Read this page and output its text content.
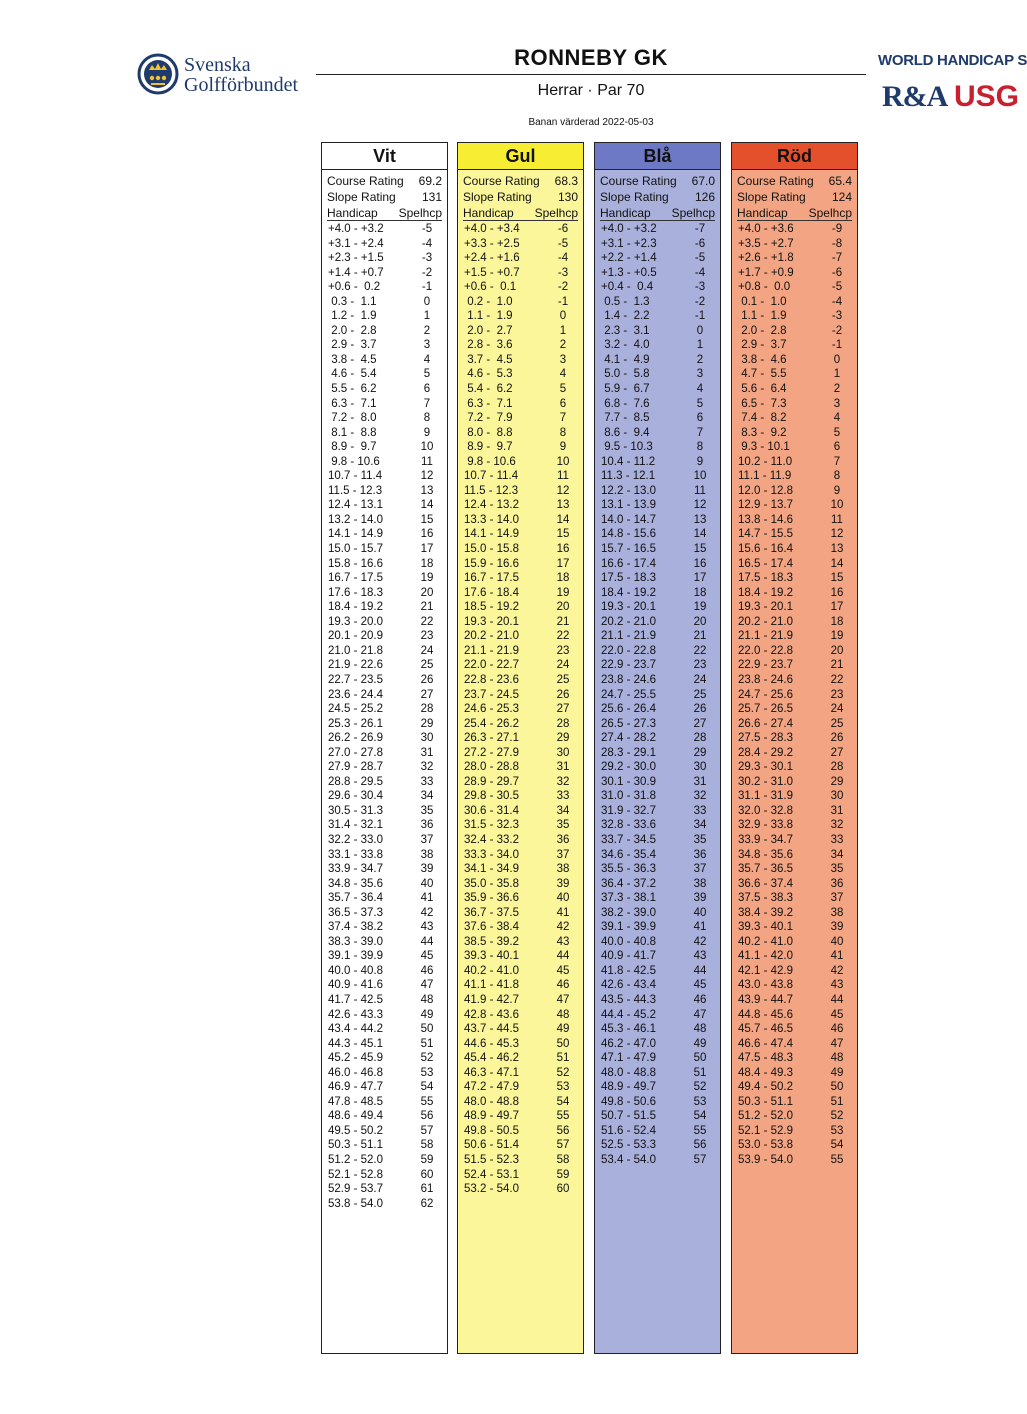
Svenska
Golfförbundet
WORLD HANDICAP S
R&A USG
RONNEBY GK
Herrar · Par 70
Banan värderad 2022-05-03
Vit
Course Rating 69.2
Slope Rating 131
Handicap Spelhcp
+4.0 - +3.2	-5
+3.1 - +2.4	-4
+2.3 - +1.5	-3
+1.4 - +0.7	-2
+0.6 -  0.2	-1
0.3 -  1.1	0
1.2 -  1.9	1
2.0 -  2.8	2
2.9 -  3.7	3
3.8 -  4.5	4
4.6 -  5.4	5
5.5 -  6.2	6
6.3 -  7.1	7
7.2 -  8.0	8
8.1 -  8.8	9
8.9 -  9.7	10
9.8 - 10.6	11
10.7 - 11.4	12
11.5 - 12.3	13
12.4 - 13.1	14
13.2 - 14.0	15
14.1 - 14.9	16
15.0 - 15.7	17
15.8 - 16.6	18
16.7 - 17.5	19
17.6 - 18.3	20
18.4 - 19.2	21
19.3 - 20.0	22
20.1 - 20.9	23
21.0 - 21.8	24
21.9 - 22.6	25
22.7 - 23.5	26
23.6 - 24.4	27
24.5 - 25.2	28
25.3 - 26.1	29
26.2 - 26.9	30
27.0 - 27.8	31
27.9 - 28.7	32
28.8 - 29.5	33
29.6 - 30.4	34
30.5 - 31.3	35
31.4 - 32.1	36
32.2 - 33.0	37
33.1 - 33.8	38
33.9 - 34.7	39
34.8 - 35.6	40
35.7 - 36.4	41
36.5 - 37.3	42
37.4 - 38.2	43
38.3 - 39.0	44
39.1 - 39.9	45
40.0 - 40.8	46
40.9 - 41.6	47
41.7 - 42.5	48
42.6 - 43.3	49
43.4 - 44.2	50
44.3 - 45.1	51
45.2 - 45.9	52
46.0 - 46.8	53
46.9 - 47.7	54
47.8 - 48.5	55
48.6 - 49.4	56
49.5 - 50.2	57
50.3 - 51.1	58
51.2 - 52.0	59
52.1 - 52.8	60
52.9 - 53.7	61
53.8 - 54.0	62
Gul
Course Rating 68.3
Slope Rating 130
Handicap Spelhcp
+4.0 - +3.4	-6
+3.3 - +2.5	-5
+2.4 - +1.6	-4
+1.5 - +0.7	-3
+0.6 -  0.1	-2
0.2 -  1.0	-1
1.1 -  1.9	0
2.0 -  2.7	1
2.8 -  3.6	2
3.7 -  4.5	3
4.6 -  5.3	4
5.4 -  6.2	5
6.3 -  7.1	6
7.2 -  7.9	7
8.0 -  8.8	8
8.9 -  9.7	9
9.8 - 10.6	10
10.7 - 11.4	11
11.5 - 12.3	12
12.4 - 13.2	13
13.3 - 14.0	14
14.1 - 14.9	15
15.0 - 15.8	16
15.9 - 16.6	17
16.7 - 17.5	18
17.6 - 18.4	19
18.5 - 19.2	20
19.3 - 20.1	21
20.2 - 21.0	22
21.1 - 21.9	23
22.0 - 22.7	24
22.8 - 23.6	25
23.7 - 24.5	26
24.6 - 25.3	27
25.4 - 26.2	28
26.3 - 27.1	29
27.2 - 27.9	30
28.0 - 28.8	31
28.9 - 29.7	32
29.8 - 30.5	33
30.6 - 31.4	34
31.5 - 32.3	35
32.4 - 33.2	36
33.3 - 34.0	37
34.1 - 34.9	38
35.0 - 35.8	39
35.9 - 36.6	40
36.7 - 37.5	41
37.6 - 38.4	42
38.5 - 39.2	43
39.3 - 40.1	44
40.2 - 41.0	45
41.1 - 41.8	46
41.9 - 42.7	47
42.8 - 43.6	48
43.7 - 44.5	49
44.6 - 45.3	50
45.4 - 46.2	51
46.3 - 47.1	52
47.2 - 47.9	53
48.0 - 48.8	54
48.9 - 49.7	55
49.8 - 50.5	56
50.6 - 51.4	57
51.5 - 52.3	58
52.4 - 53.1	59
53.2 - 54.0	60
Blå
Course Rating 67.0
Slope Rating 126
Handicap Spelhcp
+4.0 - +3.2	-7
+3.1 - +2.3	-6
+2.2 - +1.4	-5
+1.3 - +0.5	-4
+0.4 -  0.4	-3
0.5 -  1.3	-2
1.4 -  2.2	-1
2.3 -  3.1	0
3.2 -  4.0	1
4.1 -  4.9	2
5.0 -  5.8	3
5.9 -  6.7	4
6.8 -  7.6	5
7.7 -  8.5	6
8.6 -  9.4	7
9.5 - 10.3	8
10.4 - 11.2	9
11.3 - 12.1	10
12.2 - 13.0	11
13.1 - 13.9	12
14.0 - 14.7	13
14.8 - 15.6	14
15.7 - 16.5	15
16.6 - 17.4	16
17.5 - 18.3	17
18.4 - 19.2	18
19.3 - 20.1	19
20.2 - 21.0	20
21.1 - 21.9	21
22.0 - 22.8	22
22.9 - 23.7	23
23.8 - 24.6	24
24.7 - 25.5	25
25.6 - 26.4	26
26.5 - 27.3	27
27.4 - 28.2	28
28.3 - 29.1	29
29.2 - 30.0	30
30.1 - 30.9	31
31.0 - 31.8	32
31.9 - 32.7	33
32.8 - 33.6	34
33.7 - 34.5	35
34.6 - 35.4	36
35.5 - 36.3	37
36.4 - 37.2	38
37.3 - 38.1	39
38.2 - 39.0	40
39.1 - 39.9	41
40.0 - 40.8	42
40.9 - 41.7	43
41.8 - 42.5	44
42.6 - 43.4	45
43.5 - 44.3	46
44.4 - 45.2	47
45.3 - 46.1	48
46.2 - 47.0	49
47.1 - 47.9	50
48.0 - 48.8	51
48.9 - 49.7	52
49.8 - 50.6	53
50.7 - 51.5	54
51.6 - 52.4	55
52.5 - 53.3	56
53.4 - 54.0	57
Röd
Course Rating 65.4
Slope Rating 124
Handicap Spelhcp
+4.0 - +3.6	-9
+3.5 - +2.7	-8
+2.6 - +1.8	-7
+1.7 - +0.9	-6
+0.8 -  0.0	-5
0.1 -  1.0	-4
1.1 -  1.9	-3
2.0 -  2.8	-2
2.9 -  3.7	-1
3.8 -  4.6	0
4.7 -  5.5	1
5.6 -  6.4	2
6.5 -  7.3	3
7.4 -  8.2	4
8.3 -  9.2	5
9.3 - 10.1	6
10.2 - 11.0	7
11.1 - 11.9	8
12.0 - 12.8	9
12.9 - 13.7	10
13.8 - 14.6	11
14.7 - 15.5	12
15.6 - 16.4	13
16.5 - 17.4	14
17.5 - 18.3	15
18.4 - 19.2	16
19.3 - 20.1	17
20.2 - 21.0	18
21.1 - 21.9	19
22.0 - 22.8	20
22.9 - 23.7	21
23.8 - 24.6	22
24.7 - 25.6	23
25.7 - 26.5	24
26.6 - 27.4	25
27.5 - 28.3	26
28.4 - 29.2	27
29.3 - 30.1	28
30.2 - 31.0	29
31.1 - 31.9	30
32.0 - 32.8	31
32.9 - 33.8	32
33.9 - 34.7	33
34.8 - 35.6	34
35.7 - 36.5	35
36.6 - 37.4	36
37.5 - 38.3	37
38.4 - 39.2	38
39.3 - 40.1	39
40.2 - 41.0	40
41.1 - 42.0	41
42.1 - 42.9	42
43.0 - 43.8	43
43.9 - 44.7	44
44.8 - 45.6	45
45.7 - 46.5	46
46.6 - 47.4	47
47.5 - 48.3	48
48.4 - 49.3	49
49.4 - 50.2	50
50.3 - 51.1	51
51.2 - 52.0	52
52.1 - 52.9	53
53.0 - 53.8	54
53.9 - 54.0	55
